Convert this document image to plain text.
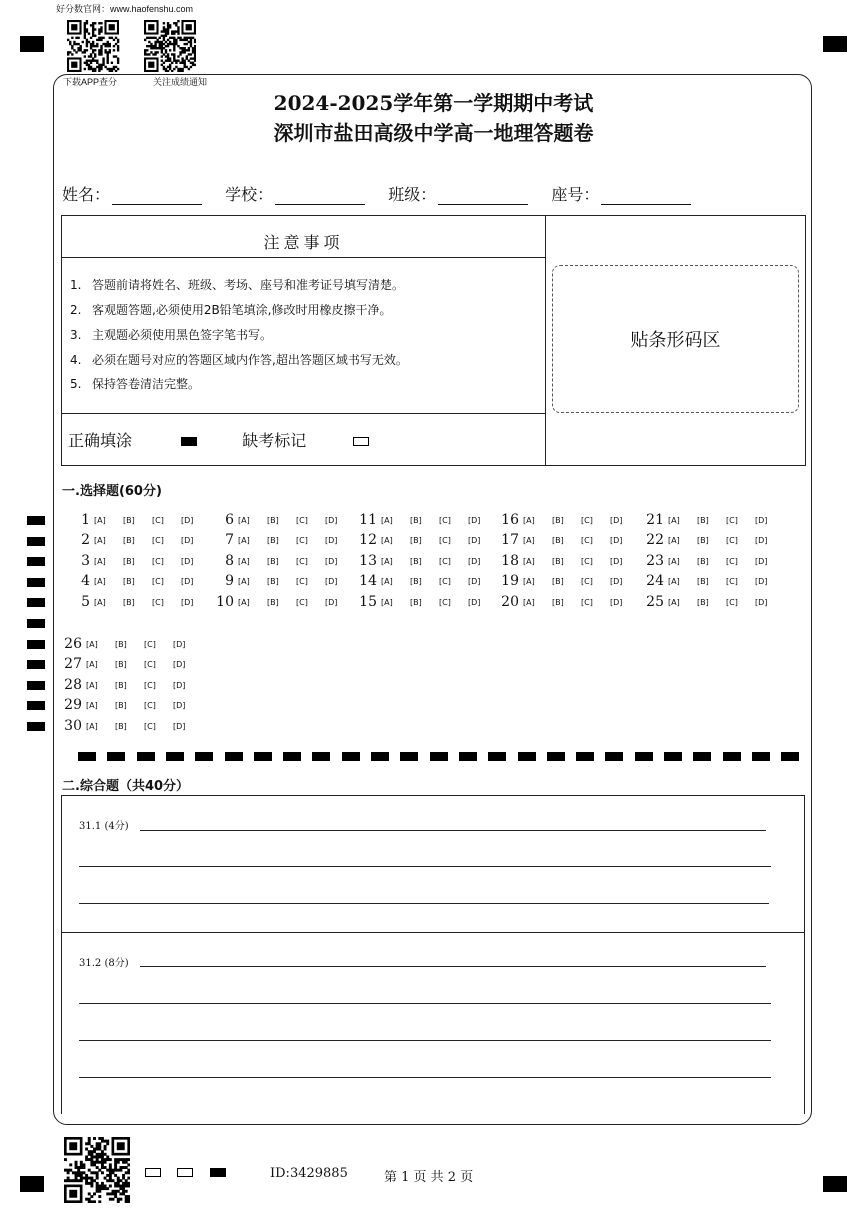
好分数官网：www.haofenshu.com
下载APP查分	关注成绩通知
2024-2025学年第一学期期中考试
深圳市盐田高级中学高一地理答题卷
姓名：	学校：	班级：	座号：
注意事项
1. 答题前请将姓名、班级、考场、座号和准考证号填写清楚。
2. 客观题答题,必须使用2B铅笔填涂,修改时用橡皮擦干净。
3. 主观题必须使用黑色签字笔书写。
4. 必须在题号对应的答题区域内作答,超出答题区域书写无效。
5. 保持答卷清洁完整。
正确填涂	缺考标记
贴条形码区
一.选择题(60分)
1 [A]	[B]	[C]	[D]
2 [A]	[B]	[C]	[D]
3 [A]	[B]	[C]	[D]
4 [A]	[B]	[C]	[D]
5 [A]	[B]	[C]	[D]
6 [A]	[B]	[C]	[D]
7 [A]	[B]	[C]	[D]
8 [A]	[B]	[C]	[D]
9 [A]	[B]	[C]	[D]
10 [A]	[B]	[C]	[D]
11 [A]	[B]	[C]	[D]
12 [A]	[B]	[C]	[D]
13 [A]	[B]	[C]	[D]
14 [A]	[B]	[C]	[D]
15 [A]	[B]	[C]	[D]
16 [A]	[B]	[C]	[D]
17 [A]	[B]	[C]	[D]
18 [A]	[B]	[C]	[D]
19 [A]	[B]	[C]	[D]
20 [A]	[B]	[C]	[D]
21 [A]	[B]	[C]	[D]
22 [A]	[B]	[C]	[D]
23 [A]	[B]	[C]	[D]
24 [A]	[B]	[C]	[D]
25 [A]	[B]	[C]	[D]
26 [A]	[B]	[C]	[D]
27 [A]	[B]	[C]	[D]
28 [A]	[B]	[C]	[D]
29 [A]	[B]	[C]	[D]
30 [A]	[B]	[C]	[D]
二.综合题（共40分）
31.1 (4分)
31.2 (8分)
ID:3429885	第 1 页 共 2 页
